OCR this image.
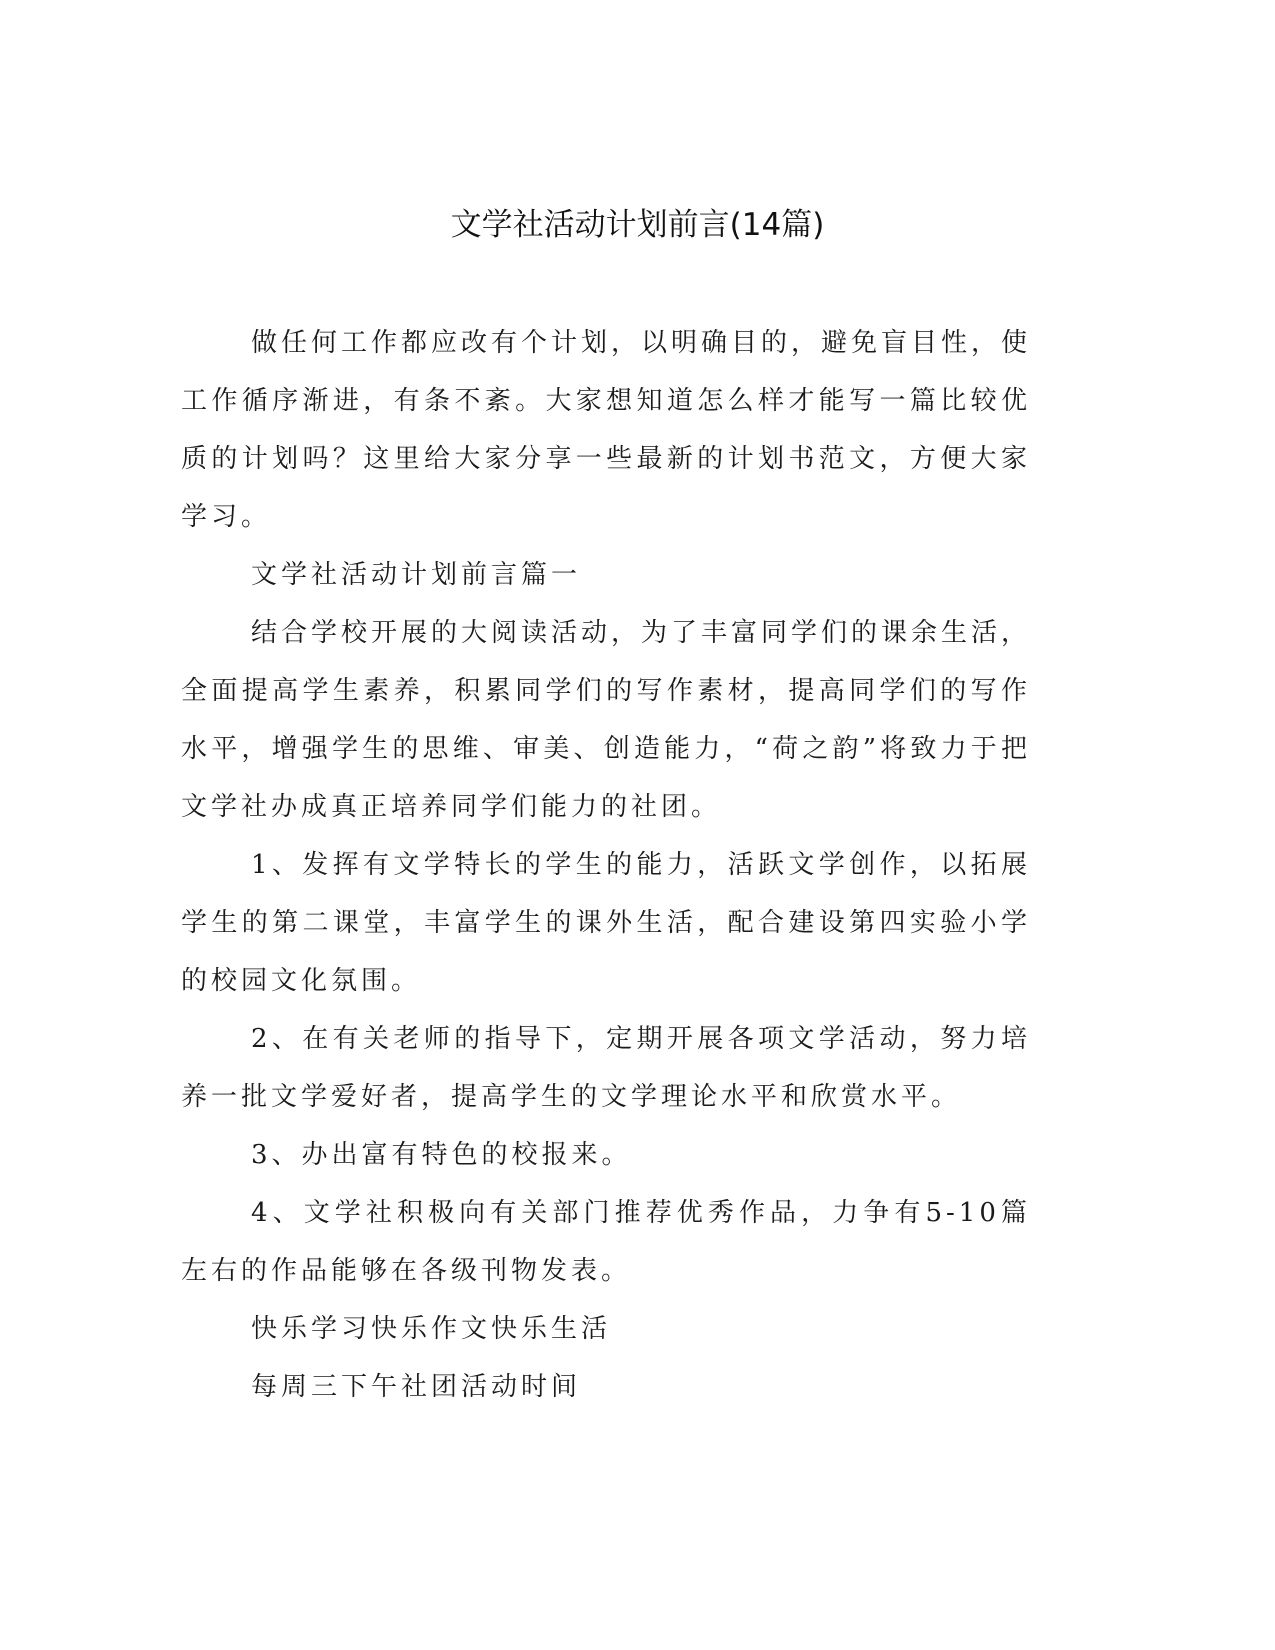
文学社活动计划前言(14篇)

做任何工作都应改有个计划，以明确目的，避免盲目性，使工作循序渐进，有条不紊。大家想知道怎么样才能写一篇比较优质的计划吗？这里给大家分享一些最新的计划书范文，方便大家学习。

文学社活动计划前言篇一

结合学校开展的大阅读活动，为了丰富同学们的课余生活，全面提高学生素养，积累同学们的写作素材，提高同学们的写作水平，增强学生的思维、审美、创造能力，“荷之韵”将致力于把文学社办成真正培养同学们能力的社团。

1、发挥有文学特长的学生的能力，活跃文学创作，以拓展学生的第二课堂，丰富学生的课外生活，配合建设第四实验小学的校园文化氛围。

2、在有关老师的指导下，定期开展各项文学活动，努力培养一批文学爱好者，提高学生的文学理论水平和欣赏水平。

3、办出富有特色的校报来。

4、文学社积极向有关部门推荐优秀作品，力争有5-10篇左右的作品能够在各级刊物发表。

快乐学习快乐作文快乐生活

每周三下午社团活动时间
